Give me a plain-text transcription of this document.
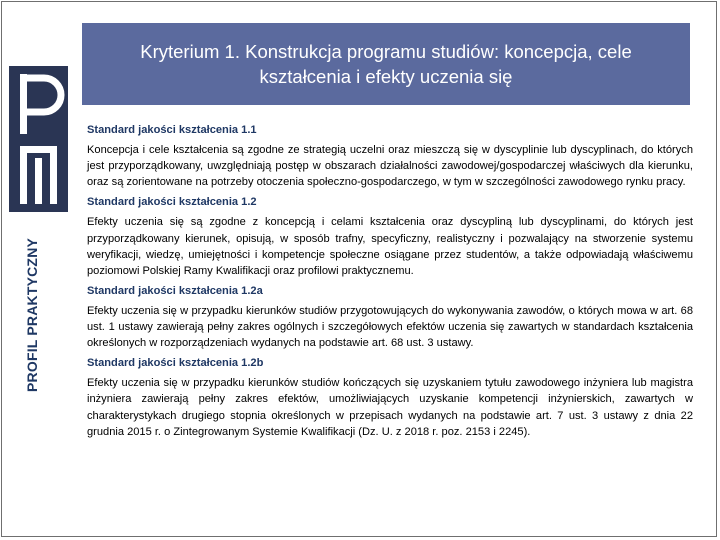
PROFIL PRAKTYCZNY
Kryterium 1. Konstrukcja programu studiów: koncepcja, cele kształcenia i efekty uczenia się

Standard jakości kształcenia 1.1

Koncepcja i cele kształcenia są zgodne ze strategią uczelni oraz mieszczą się w dyscyplinie lub dyscyplinach, do których jest przyporządkowany, uwzględniają postęp w obszarach działalności zawodowej/gospodarczej właściwych dla kierunku, oraz są zorientowane na potrzeby otoczenia społeczno-gospodarczego, w tym w szczególności zawodowego rynku pracy.

Standard jakości kształcenia 1.2

Efekty uczenia się są zgodne z koncepcją i celami kształcenia oraz dyscypliną lub dyscyplinami, do których jest przyporządkowany kierunek, opisują, w sposób trafny, specyficzny, realistyczny i pozwalający na stworzenie systemu weryfikacji, wiedzę, umiejętności i kompetencje społeczne osiągane przez studentów, a także odpowiadają właściwemu poziomowi Polskiej Ramy Kwalifikacji oraz profilowi praktycznemu.

Standard jakości kształcenia 1.2a

Efekty uczenia się w przypadku kierunków studiów przygotowujących do wykonywania zawodów, o których mowa w art. 68 ust. 1 ustawy zawierają pełny zakres ogólnych i szczegółowych efektów uczenia się zawartych w standardach kształcenia określonych w rozporządzeniach wydanych na podstawie art. 68 ust. 3 ustawy.

Standard jakości kształcenia 1.2b

Efekty uczenia się w przypadku kierunków studiów kończących się uzyskaniem tytułu zawodowego inżyniera lub magistra inżyniera zawierają pełny zakres efektów, umożliwiających uzyskanie kompetencji inżynierskich, zawartych w charakterystykach drugiego stopnia określonych w przepisach wydanych na podstawie art. 7 ust. 3 ustawy z dnia 22 grudnia 2015 r. o Zintegrowanym Systemie Kwalifikacji (Dz. U. z 2018 r. poz. 2153 i 2245).
